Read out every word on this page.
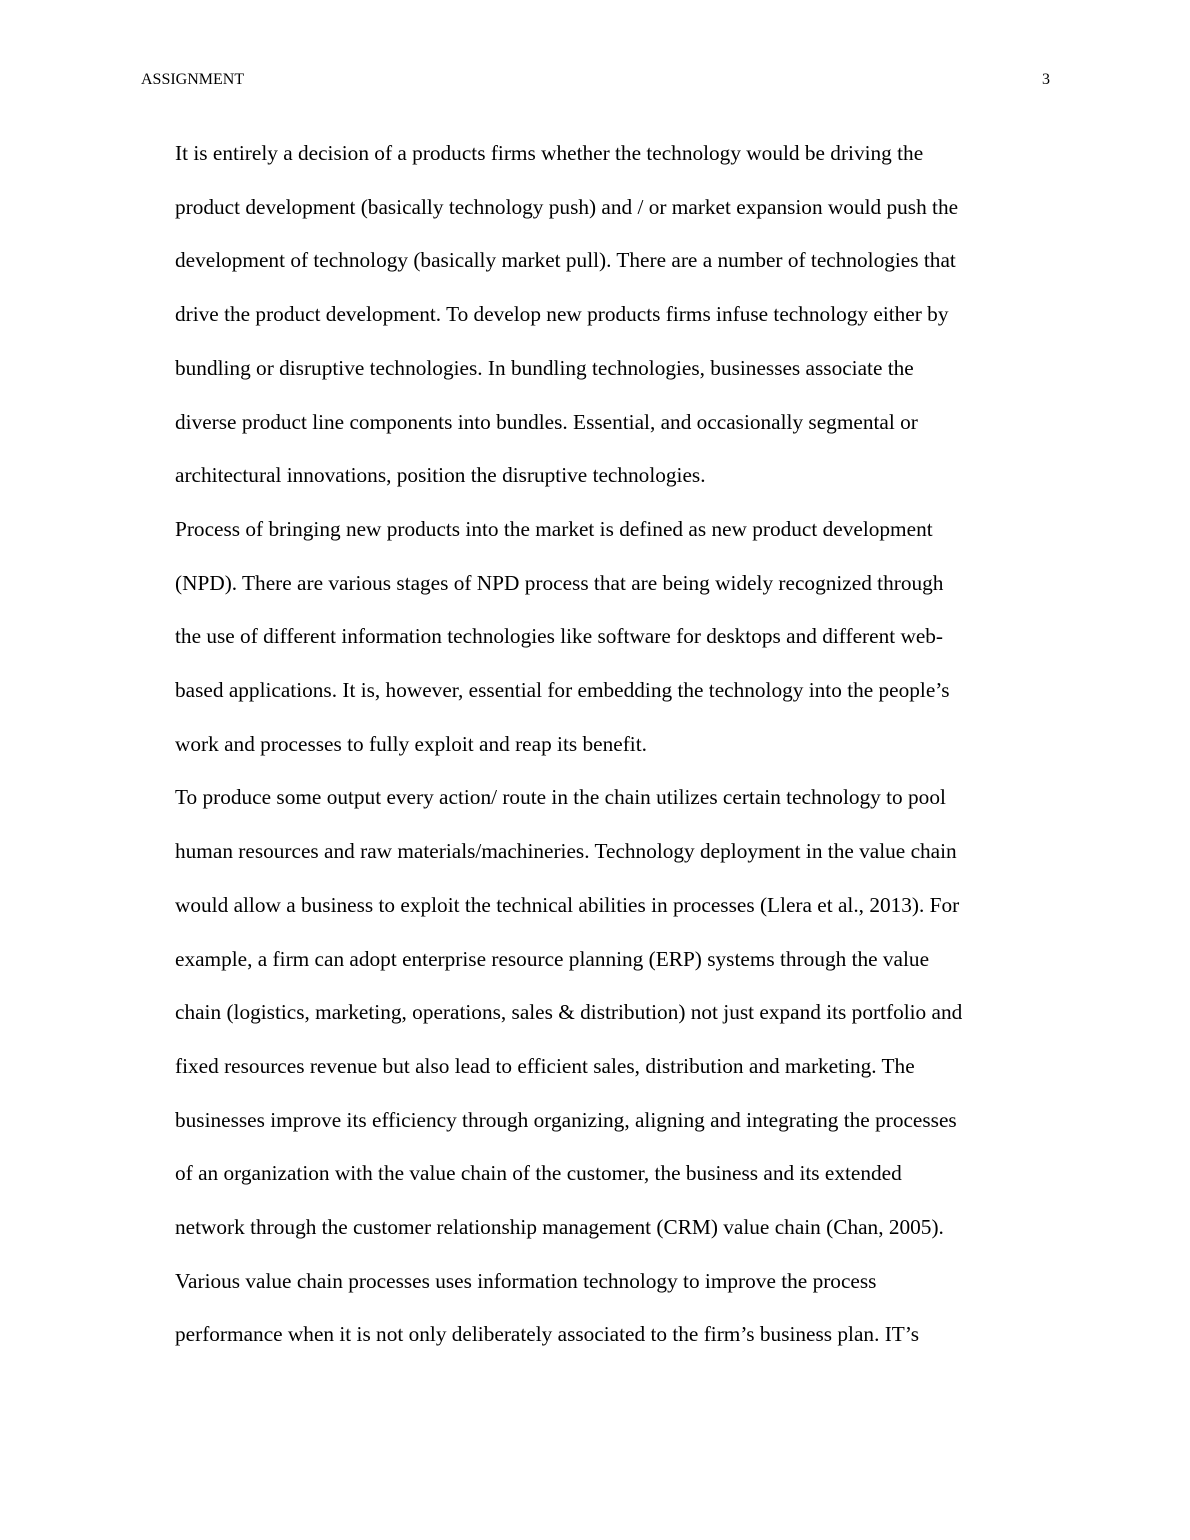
ASSIGNMENT	3
It is entirely a decision of a products firms whether the technology would be driving the
product development (basically technology push) and / or market expansion would push the
development of technology (basically market pull). There are a number of technologies that
drive the product development. To develop new products firms infuse technology either by
bundling or disruptive technologies. In bundling technologies, businesses associate the
diverse product line components into bundles. Essential, and occasionally segmental or
architectural innovations, position the disruptive technologies.
Process of bringing new products into the market is defined as new product development
(NPD). There are various stages of NPD process that are being widely recognized through
the use of different information technologies like software for desktops and different web-
based applications. It is, however, essential for embedding the technology into the people’s
work and processes to fully exploit and reap its benefit.
To produce some output every action/ route in the chain utilizes certain technology to pool
human resources and raw materials/machineries. Technology deployment in the value chain
would allow a business to exploit the technical abilities in processes (Llera et al., 2013). For
example, a firm can adopt enterprise resource planning (ERP) systems through the value
chain (logistics, marketing, operations, sales & distribution) not just expand its portfolio and
fixed resources revenue but also lead to efficient sales, distribution and marketing. The
businesses improve its efficiency through organizing, aligning and integrating the processes
of an organization with the value chain of the customer, the business and its extended
network through the customer relationship management (CRM) value chain (Chan, 2005).
Various value chain processes uses information technology to improve the process
performance when it is not only deliberately associated to the firm’s business plan. IT’s
